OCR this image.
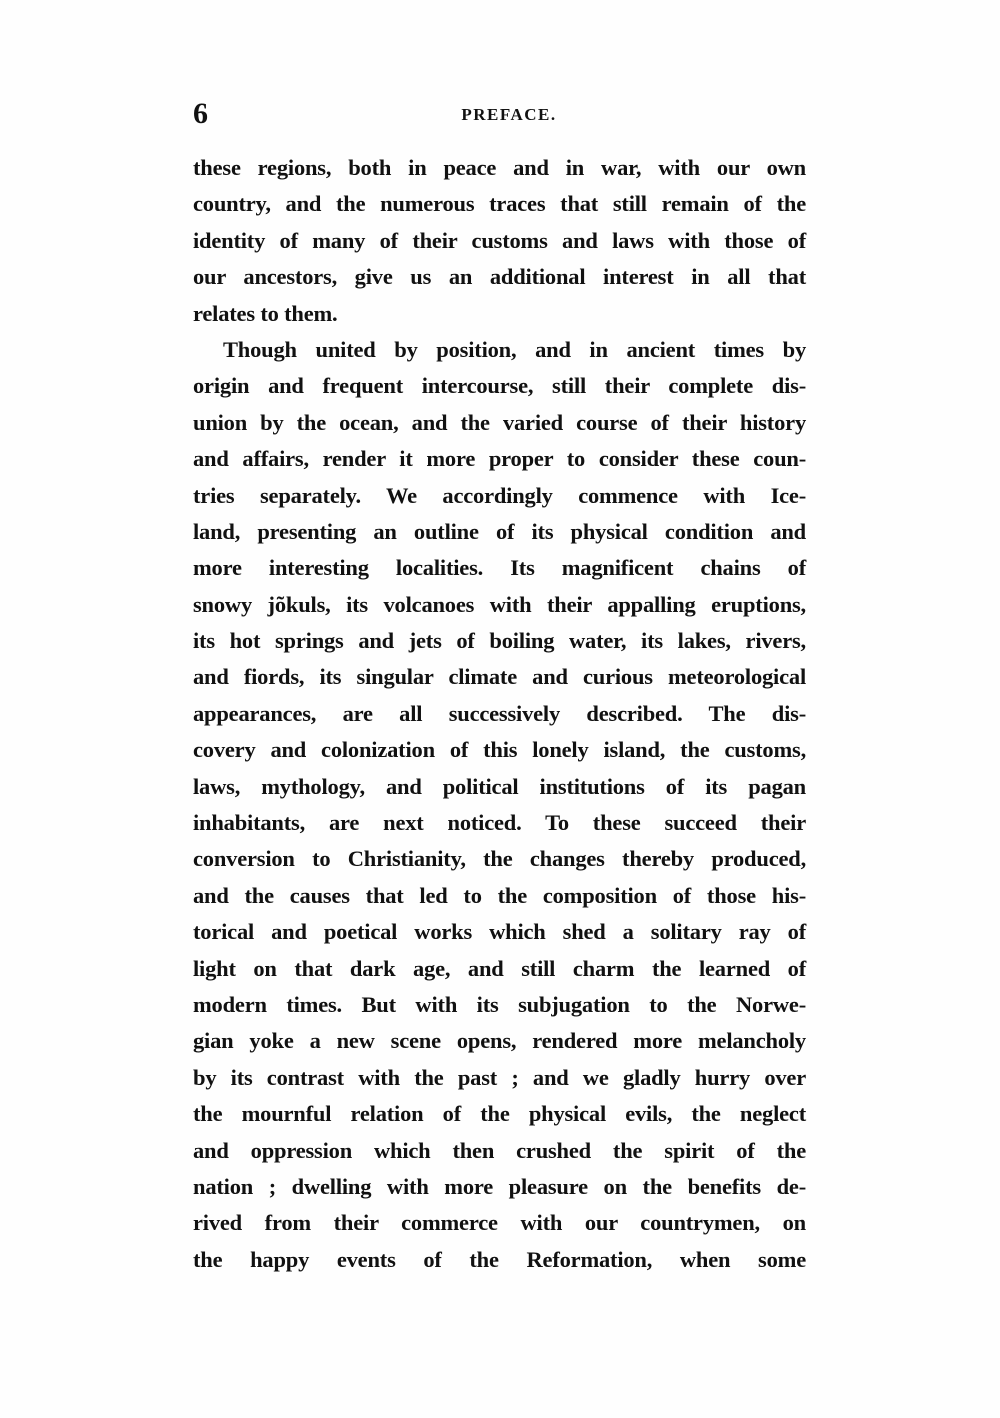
6	PREFACE.
these regions, both in peace and in war, with our own
country, and the numerous traces that still remain of the
identity of many of their customs and laws with those of
our ancestors, give us an additional interest in all that
relates to them.
Though united by position, and in ancient times by
origin and frequent intercourse, still their complete dis-
union by the ocean, and the varied course of their history
and affairs, render it more proper to consider these coun-
tries separately. We accordingly commence with Ice-
land, presenting an outline of its physical condition and
more interesting localities. Its magnificent chains of
snowy jõkuls, its volcanoes with their appalling eruptions,
its hot springs and jets of boiling water, its lakes, rivers,
and fiords, its singular climate and curious meteorological
appearances, are all successively described. The dis-
covery and colonization of this lonely island, the customs,
laws, mythology, and political institutions of its pagan
inhabitants, are next noticed. To these succeed their
conversion to Christianity, the changes thereby produced,
and the causes that led to the composition of those his-
torical and poetical works which shed a solitary ray of
light on that dark age, and still charm the learned of
modern times. But with its subjugation to the Norwe-
gian yoke a new scene opens, rendered more melancholy
by its contrast with the past ; and we gladly hurry over
the mournful relation of the physical evils, the neglect
and oppression which then crushed the spirit of the
nation ; dwelling with more pleasure on the benefits de-
rived from their commerce with our countrymen, on
the happy events of the Reformation, when some
